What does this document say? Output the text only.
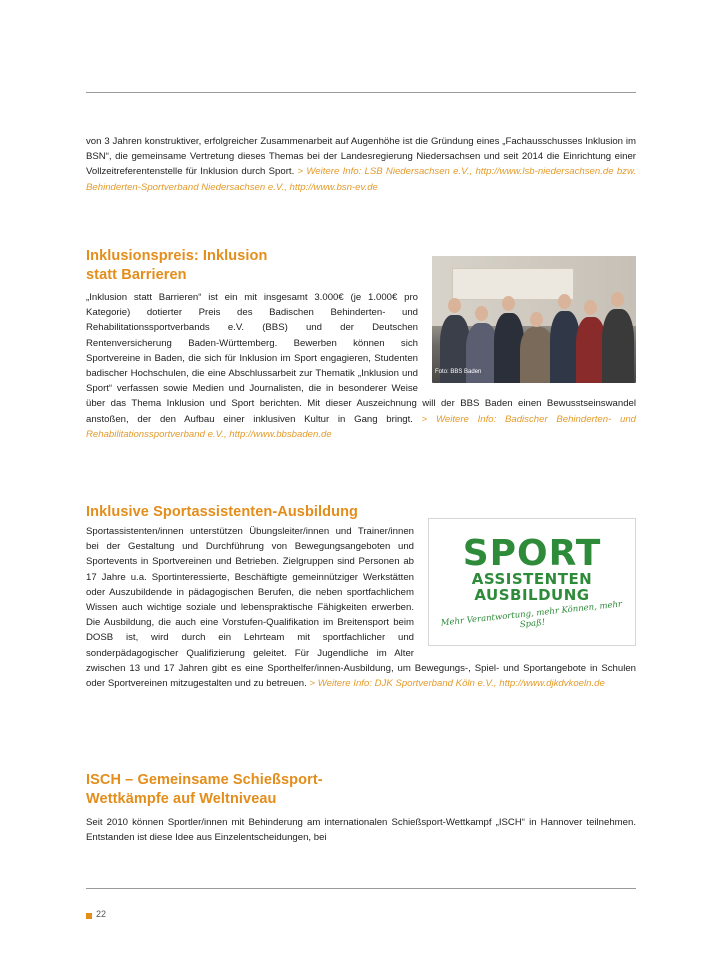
von 3 Jahren konstruktiver, erfolgreicher Zusammenarbeit auf Augenhöhe ist die Gründung eines „Fachausschusses Inklusion im BSN“, die gemeinsame Vertretung dieses Themas bei der Landesregierung Niedersachsen und seit 2014 die Einrichtung einer Vollzeitreferentenstelle für Inklusion durch Sport. > Weitere Info: LSB Niedersachsen e.V., http://www.lsb-niedersachsen.de bzw. Behinderten-Sportverband Niedersachsen e.V., http://www.bsn-ev.de

Inklusionspreis: Inklusion
statt Barrieren
Foto: BBS Baden

„Inklusion statt Barrieren“ ist ein mit insgesamt 3.000€ (je 1.000€ pro Kategorie) dotierter Preis des Badischen Behinderten- und Rehabilitationssportverbands e.V. (BBS) und der Deutschen Rentenversicherung Baden-Württemberg. Bewerben können sich Sportvereine in Baden, die sich für Inklusion im Sport engagieren, Studenten badischer Hochschulen, die eine Abschlussarbeit zur Thematik „Inklusion und Sport“ verfassen sowie Medien und Journalisten, die in besonderer Weise über das Thema Inklusion und Sport berichten. Mit dieser Auszeichnung will der BBS Baden einen Bewusstseinswandel anstoßen, der den Aufbau einer inklusiven Kultur in Gang bringt. > Weitere Info: Badischer Behinderten- und Rehabilitationssportverband e.V., http://www.bbsbaden.de

Inklusive Sportassistenten-Ausbildung
SPORT
ASSISTENTEN
AUSBILDUNG
Mehr Verantwortung, mehr Können, mehr Spaß!

Sportassistenten/innen unterstützen Übungsleiter/innen und Trainer/innen bei der Gestaltung und Durchführung von Bewegungsangeboten und Sportevents in Sportvereinen und Betrieben. Zielgruppen sind Personen ab 17 Jahre u.a. Sportinteressierte, Beschäftigte gemeinnütziger Werkstätten oder Auszubildende in pädagogischen Berufen, die neben sportfachlichem Wissen auch wichtige soziale und lebenspraktische Fähigkeiten erwerben. Die Ausbildung, die auch eine Vorstufen-Qualifikation im Breitensport beim DOSB ist, wird durch ein Lehrteam mit sportfachlicher und sonderpädagogischer Qualifizierung geleitet. Für Jugendliche im Alter zwischen 13 und 17 Jahren gibt es eine Sporthelfer/innen-Ausbildung, um Bewegungs-, Spiel- und Sportangebote in Schulen oder Sportvereinen mitzugestalten und zu betreuen. > Weitere Info: DJK Sportverband Köln e.V., http://www.djkdvkoeln.de

ISCH – Gemeinsame Schießsport-
Wettkämpfe auf Weltniveau

Seit 2010 können Sportler/innen mit Behinderung am internationalen Schießsport-Wettkampf „ISCH“ in Hannover teilnehmen. Entstanden ist diese Idee aus Einzelentscheidungen, bei

22
